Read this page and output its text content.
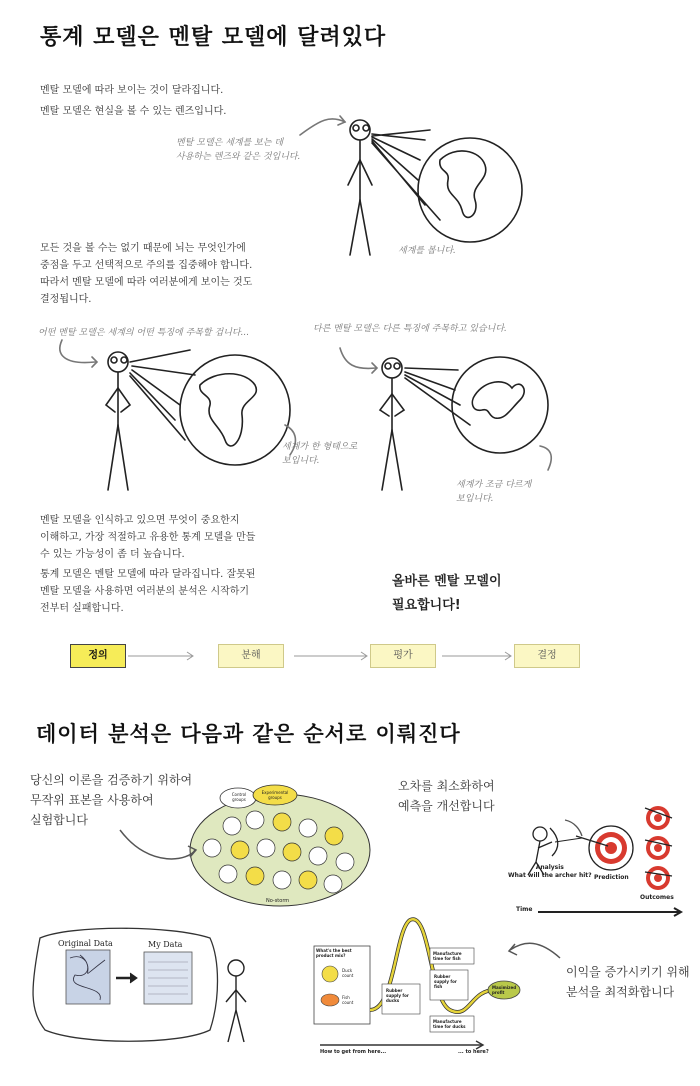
통계 모델은 멘탈 모델에 달려있다
멘탈 모델에 따라 보이는 것이 달라집니다.
멘탈 모델은 현실을 볼 수 있는 렌즈입니다.
멘탈 모델은 세계를 보는 데
사용하는 렌즈와 같은 것입니다.
세계를 봅니다.
모든 것을 볼 수는 없기 때문에 뇌는 무엇인가에
중점을 두고 선택적으로 주의를 집중해야 합니다.
따라서 멘탈 모델에 따라 여러분에게 보이는 것도
결정됩니다.
어떤 멘탈 모델은 세계의 어떤 특징에 주목할 겁니다...	다른 멘탈 모델은 다른 특징에 주목하고 있습니다.
세계가 한 형태으로
보입니다.
세계가 조금 다르게
보입니다.
멘탈 모델을 인식하고 있으면 무엇이 중요한지
이해하고, 가장 적절하고 유용한 통계 모델을 만들
수 있는 가능성이 좀 더 높습니다.
통계 모델은 멘탈 모델에 따라 달라집니다. 잘못된
멘탈 모델을 사용하면 여러분의 분석은 시작하기
전부터 실패합니다.
올바른 멘탈 모델이
필요합니다!
정의	분해	평가	결정
데이터 분석은 다음과 같은 순서로 이뤄진다
당신의 이론을 검증하기 위하여
무작위 표본을 사용하여
실험합니다
오차를 최소화하여
예측을 개선합니다
이익을 증가시키기 위해
분석을 최적화합니다
Control
groups
Experimental
groups
No-storm
Analysis
What will the archer hit? Prediction
Outcomes
Time
Original Data	My Data
What's the best
product mix?
Duck
count
Fish
count
Rubber
supply for
ducks
Rubber
supply for
fish
Manufacture
time for fish
Manufacture
time for ducks
Maximized
profit
How to get from here...	... to here?
